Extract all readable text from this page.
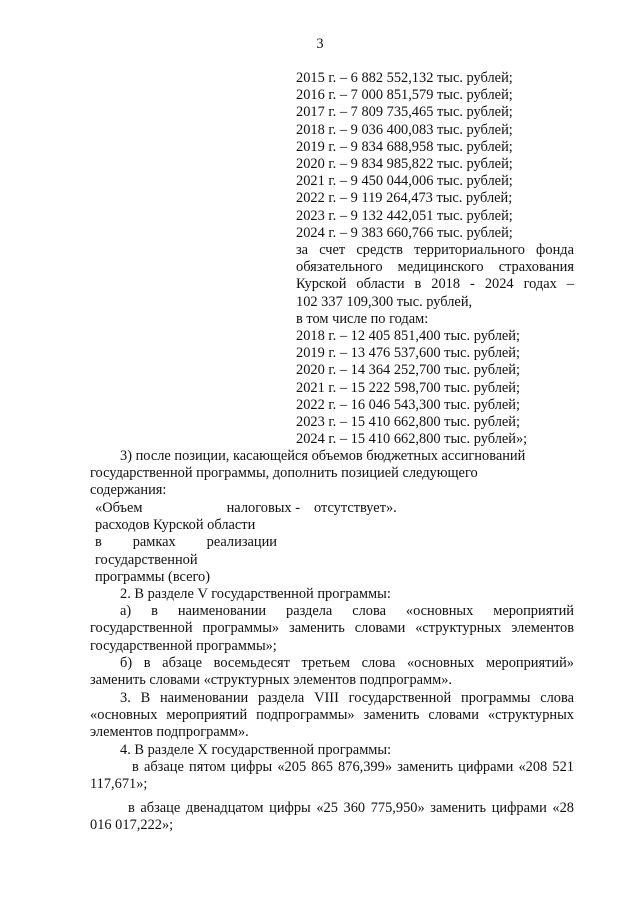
3
2015 г. – 6 882 552,132 тыс. рублей;
2016 г. – 7 000 851,579 тыс. рублей;
2017 г. – 7 809 735,465 тыс. рублей;
2018 г. – 9 036 400,083 тыс. рублей;
2019 г. – 9 834 688,958 тыс. рублей;
2020 г. – 9 834 985,822 тыс. рублей;
2021 г. – 9 450 044,006 тыс. рублей;
2022 г. – 9 119 264,473 тыс. рублей;
2023 г. – 9 132 442,051 тыс. рублей;
2024 г. – 9 383 660,766 тыс. рублей;
за счет средств территориального фонда
обязательного медицинского страхования
Курской области в 2018 - 2024 годах –
102 337 109,300 тыс. рублей,
в том числе по годам:
2018 г. – 12 405 851,400 тыс. рублей;
2019 г. – 13 476 537,600 тыс. рублей;
2020 г. – 14 364 252,700 тыс. рублей;
2021 г. – 15 222 598,700 тыс. рублей;
2022 г. – 16 046 543,300 тыс. рублей;
2023 г. – 15 410 662,800 тыс. рублей;
2024 г. – 15 410 662,800 тыс. рублей»;
3) после позиции, касающейся объемов бюджетных ассигнований
государственной программы, дополнить позицией следующего
содержания:
«Объем
расходов Курской области
в рамках реализации
государственной
программы (всего)
налоговых - отсутствует».
2. В разделе V государственной программы:
а) в наименовании раздела слова «основных мероприятий государственной программы» заменить словами «структурных элементов государственной программы»;
б) в абзаце восемьдесят третьем слова «основных мероприятий» заменить словами «структурных элементов подпрограмм».
3. В наименовании раздела VIII государственной программы слова «основных мероприятий подпрограммы» заменить словами «структурных элементов подпрограмм».
4. В разделе X государственной программы:
в абзаце пятом цифры «205 865 876,399» заменить цифрами «208 521 117,671»;
в абзаце двенадцатом цифры «25 360 775,950» заменить цифрами «28 016 017,222»;
